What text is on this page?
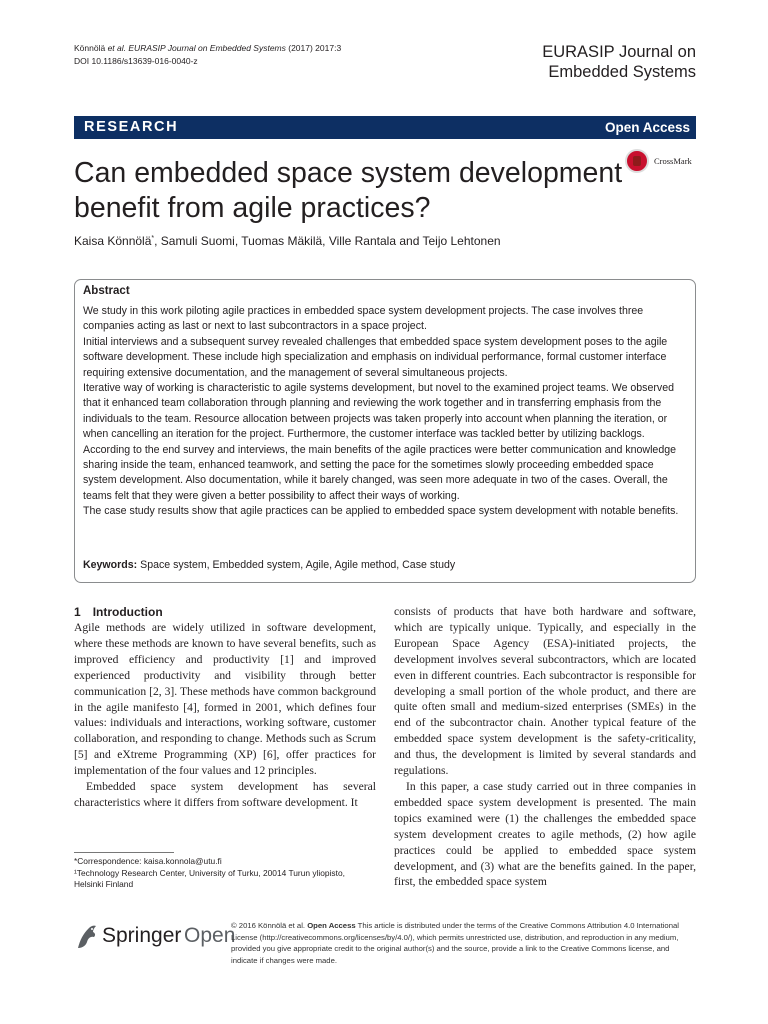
Könnölä et al. EURASIP Journal on Embedded Systems (2017) 2017:3
DOI 10.1186/s13639-016-0040-z	EURASIP Journal on
Embedded Systems
RESEARCH	Open Access
CrossMark
Can embedded space system development benefit from agile practices?
Kaisa Könnölä*, Samuli Suomi, Tuomas Mäkilä, Ville Rantala and Teijo Lehtonen
Abstract

We study in this work piloting agile practices in embedded space system development projects. The case involves three companies acting as last or next to last subcontractors in a space project.

Initial interviews and a subsequent survey revealed challenges that embedded space system development poses to the agile software development. These include high specialization and emphasis on individual performance, formal customer interface requiring extensive documentation, and the management of several simultaneous projects.

Iterative way of working is characteristic to agile systems development, but novel to the examined project teams. We observed that it enhanced team collaboration through planning and reviewing the work together and in transferring emphasis from the individuals to the team. Resource allocation between projects was taken properly into account when planning the iteration, or when cancelling an iteration for the project. Furthermore, the customer interface was tackled better by utilizing backlogs.

According to the end survey and interviews, the main benefits of the agile practices were better communication and knowledge sharing inside the team, enhanced teamwork, and setting the pace for the sometimes slowly proceeding embedded space system development. Also documentation, while it barely changed, was seen more adequate in two of the cases. Overall, the teams felt that they were given a better possibility to affect their ways of working.

The case study results show that agile practices can be applied to embedded space system development with notable benefits.

Keywords: Space system, Embedded system, Agile, Agile method, Case study
1 Introduction

Agile methods are widely utilized in software development, where these methods are known to have several benefits, such as improved efficiency and productivity [1] and improved experienced productivity and visibility through better communication [2, 3]. These methods have common background in the agile manifesto [4], formed in 2001, which defines four values: individuals and interactions, working software, customer collaboration, and responding to change. Methods such as Scrum [5] and eXtreme Programming (XP) [6], offer practices for implementation of the four values and 12 principles.

Embedded space system development has several characteristics where it differs from software development. It

consists of products that have both hardware and software, which are typically unique. Typically, and especially in the European Space Agency (ESA)-initiated projects, the development involves several subcontractors, which are located even in different countries. Each subcontractor is responsible for developing a small portion of the whole product, and there are quite often small and medium-sized enterprises (SMEs) in the end of the subcontractor chain. Another typical feature of the embedded space system development is the safety-criticality, and thus, the development is limited by several standards and regulations.

In this paper, a case study carried out in three companies in embedded space system development is presented. The main topics examined were (1) the challenges the embedded space system development creates to agile methods, (2) how agile practices could be applied to embedded space system development, and (3) what are the benefits gained. In the paper, first, the embedded space system

*Correspondence: kaisa.konnola@utu.fi
¹Technology Research Center, University of Turku, 20014 Turun yliopisto,
Helsinki Finland
Springer Open
© 2016 Könnölä et al. Open Access This article is distributed under the terms of the Creative Commons Attribution 4.0 International License (http://creativecommons.org/licenses/by/4.0/), which permits unrestricted use, distribution, and reproduction in any medium, provided you give appropriate credit to the original author(s) and the source, provide a link to the Creative Commons license, and indicate if changes were made.
